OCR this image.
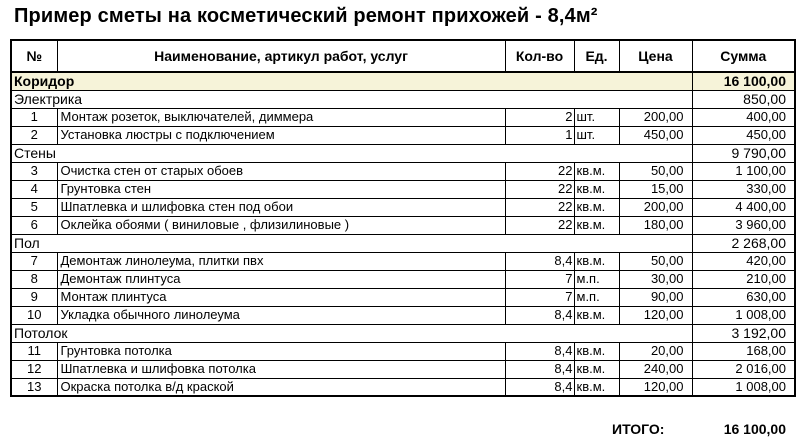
Пример сметы на косметический ремонт прихожей - 8,4м²
№	Наименование, артикул работ, услуг	Кол-во	Ед.	Цена	Сумма
Коридор					16 100,00
Электрика					850,00
1	Монтаж розеток, выключателей, диммера	2	шт.	200,00	400,00
2	Установка люстры с подключением	1	шт.	450,00	450,00
Стены					9 790,00
3	Очистка стен от старых обоев	22	кв.м.	50,00	1 100,00
4	Грунтовка стен	22	кв.м.	15,00	330,00
5	Шпатлевка и шлифовка стен под обои	22	кв.м.	200,00	4 400,00
6	Оклейка обоями ( виниловые , флизилиновые )	22	кв.м.	180,00	3 960,00
Пол					2 268,00
7	Демонтаж линолеума, плитки пвх	8,4	кв.м.	50,00	420,00
8	Демонтаж плинтуса	7	м.п.	30,00	210,00
9	Монтаж плинтуса	7	м.п.	90,00	630,00
10	Укладка обычного линолеума	8,4	кв.м.	120,00	1 008,00
Потолок					3 192,00
11	Грунтовка потолка	8,4	кв.м.	20,00	168,00
12	Шпатлевка и шлифовка потолка	8,4	кв.м.	240,00	2 016,00
13	Окраска потолка в/д краской	8,4	кв.м.	120,00	1 008,00
ИТОГО:	16 100,00
